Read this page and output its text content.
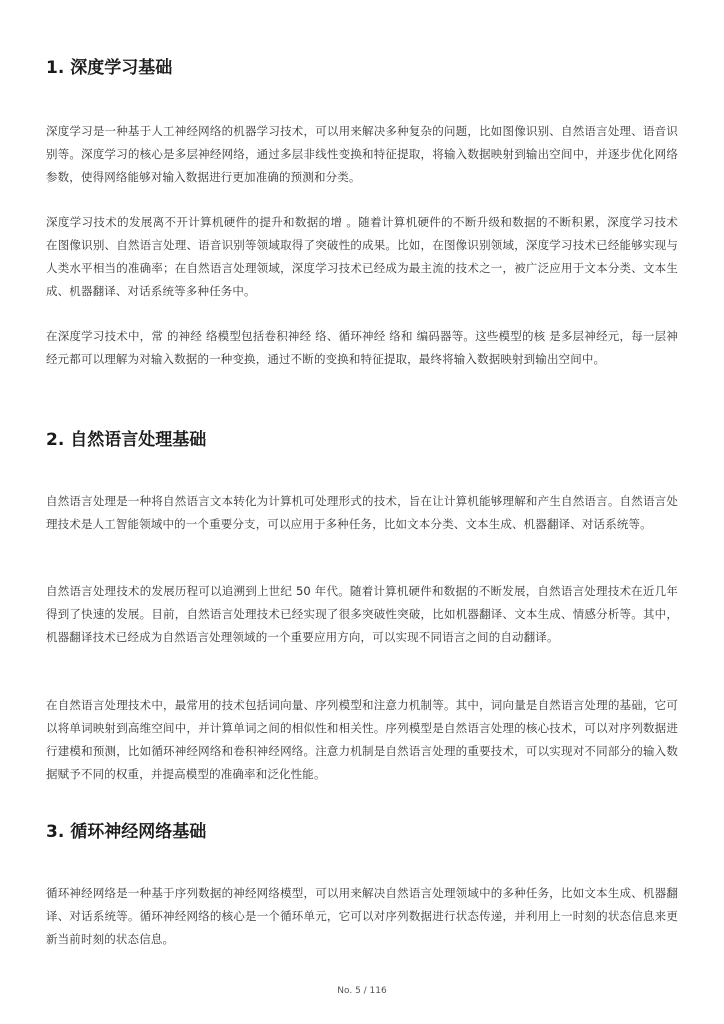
1. 深度学习基础

深度学习是一种基于人工神经网络的机器学习技术，可以用来解决多种复杂的问题，比如图像识别、自然语言处理、语音识别等。深度学习的核心是多层神经网络，通过多层非线性变换和特征提取，将输入数据映射到输出空间中，并逐步优化网络参数，使得网络能够对输入数据进行更加准确的预测和分类。

深度学习技术的发展离不开计算机硬件的提升和数据的增 。随着计算机硬件的不断升级和数据的不断积累，深度学习技术在图像识别、自然语言处理、语音识别等领域取得了突破性的成果。比如，在图像识别领域，深度学习技术已经能够实现与人类水平相当的准确率；在自然语言处理领域，深度学习技术已经成为最主流的技术之一，被广泛应用于文本分类、文本生成、机器翻译、对话系统等多种任务中。

在深度学习技术中，常 的神经 络模型包括卷积神经 络、循环神经 络和 编码器等。这些模型的核 是多层神经元，每一层神经元都可以理解为对输入数据的一种变换，通过不断的变换和特征提取，最终将输入数据映射到输出空间中。

2. 自然语言处理基础

自然语言处理是一种将自然语言文本转化为计算机可处理形式的技术，旨在让计算机能够理解和产生自然语言。自然语言处理技术是人工智能领域中的一个重要分支，可以应用于多种任务，比如文本分类、文本生成、机器翻译、对话系统等。

自然语言处理技术的发展历程可以追溯到上世纪 50 年代。随着计算机硬件和数据的不断发展，自然语言处理技术在近几年得到了快速的发展。目前，自然语言处理技术已经实现了很多突破性突破，比如机器翻译、文本生成、情感分析等。其中，机器翻译技术已经成为自然语言处理领域的一个重要应用方向，可以实现不同语言之间的自动翻译。

在自然语言处理技术中，最常用的技术包括词向量、序列模型和注意力机制等。其中，词向量是自然语言处理的基础，它可以将单词映射到高维空间中，并计算单词之间的相似性和相关性。序列模型是自然语言处理的核心技术，可以对序列数据进行建模和预测，比如循环神经网络和卷积神经网络。注意力机制是自然语言处理的重要技术，可以实现对不同部分的输入数据赋予不同的权重，并提高模型的准确率和泛化性能。

3. 循环神经网络基础

循环神经网络是一种基于序列数据的神经网络模型，可以用来解决自然语言处理领域中的多种任务，比如文本生成、机器翻译、对话系统等。循环神经网络的核心是一个循环单元，它可以对序列数据进行状态传递，并利用上一时刻的状态信息来更新当前时刻的状态信息。

No. 5 / 116
